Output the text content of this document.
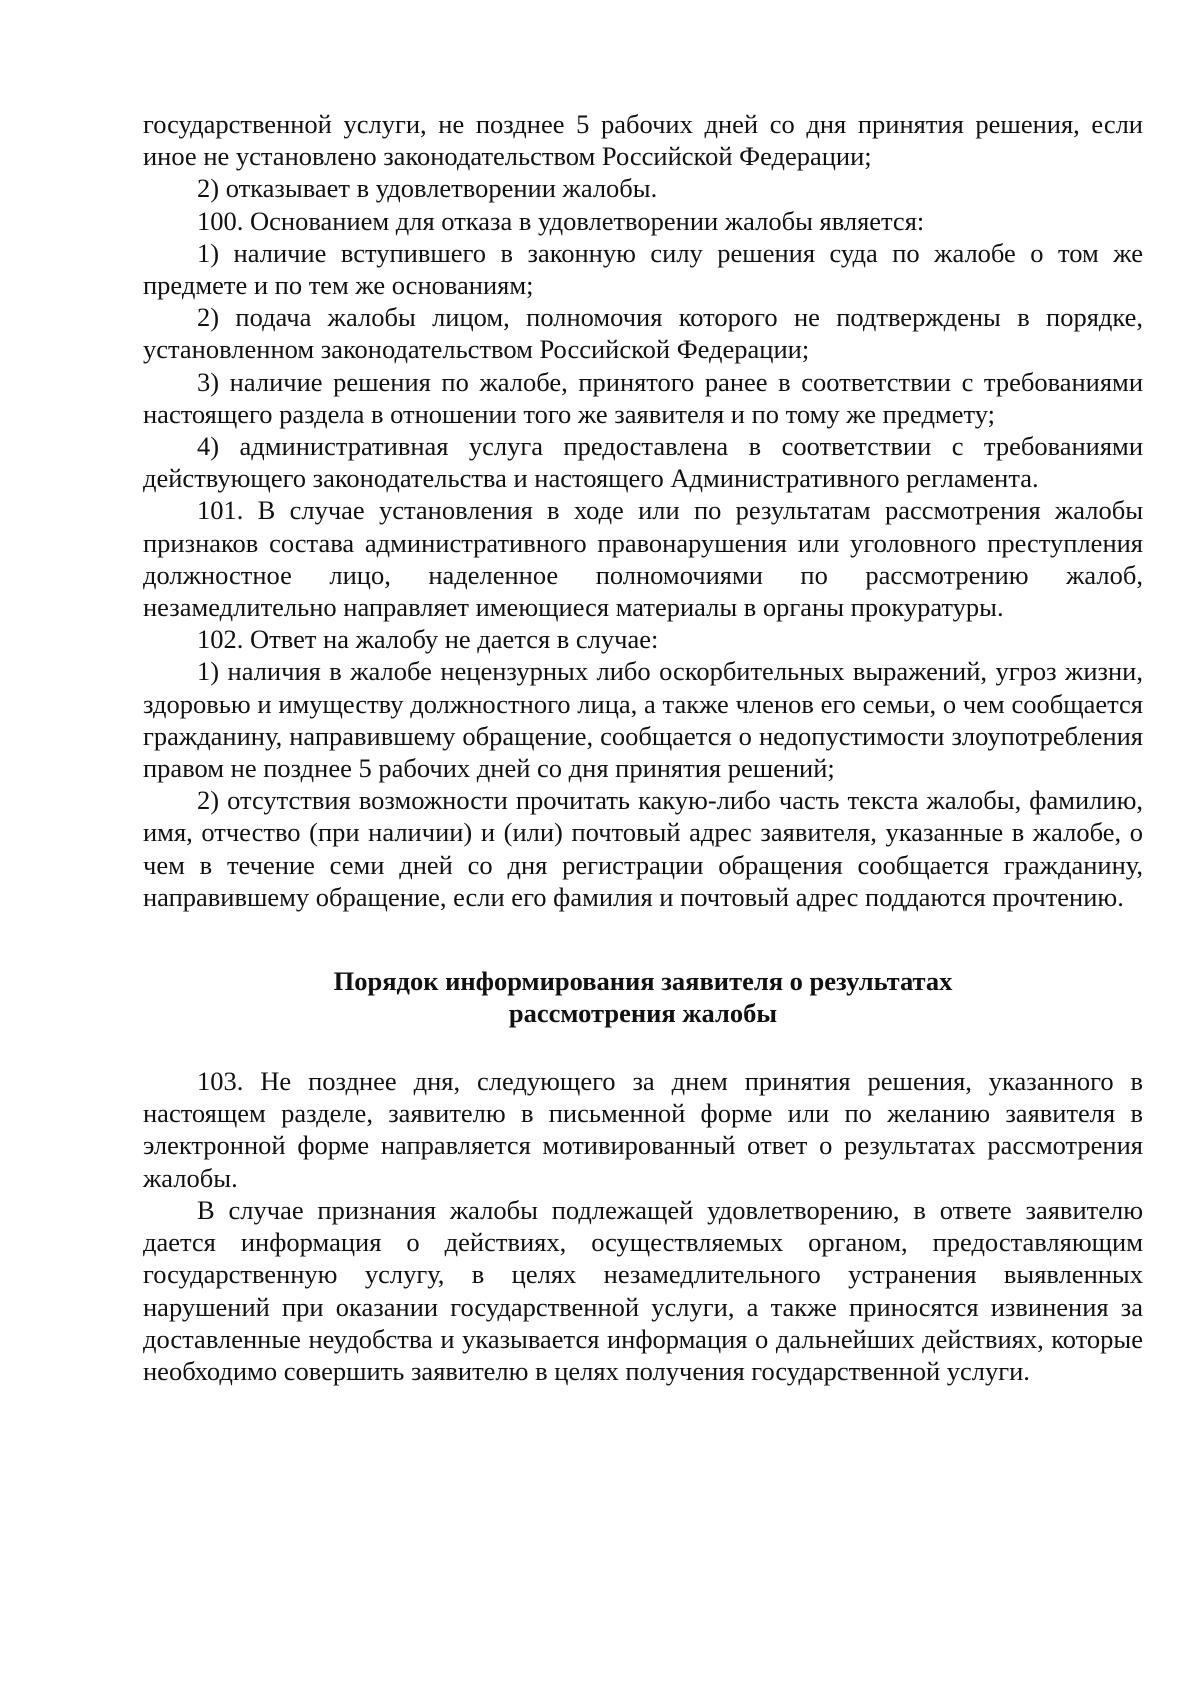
государственной услуги, не позднее 5 рабочих дней со дня принятия решения, если иное не установлено законодательством Российской Федерации;

2) отказывает в удовлетворении жалобы.

100. Основанием для отказа в удовлетворении жалобы является:

1) наличие вступившего в законную силу решения суда по жалобе о том же предмете и по тем же основаниям;

2) подача жалобы лицом, полномочия которого не подтверждены в порядке, установленном законодательством Российской Федерации;

3) наличие решения по жалобе, принятого ранее в соответствии с требованиями настоящего раздела в отношении того же заявителя и по тому же предмету;

4) административная услуга предоставлена в соответствии с требованиями действующего законодательства и настоящего Административного регламента.

101. В случае установления в ходе или по результатам рассмотрения жалобы признаков состава административного правонарушения или уголовного преступления должностное лицо, наделенное полномочиями по рассмотрению жалоб, незамедлительно направляет имеющиеся материалы в органы прокуратуры.

102. Ответ на жалобу не дается в случае:

1) наличия в жалобе нецензурных либо оскорбительных выражений, угроз жизни, здоровью и имуществу должностного лица, а также членов его семьи, о чем сообщается гражданину, направившему обращение, сообщается о недопустимости злоупотребления правом не позднее 5 рабочих дней со дня принятия решений;

2) отсутствия возможности прочитать какую-либо часть текста жалобы, фамилию, имя, отчество (при наличии) и (или) почтовый адрес заявителя, указанные в жалобе, о чем в течение семи дней со дня регистрации обращения сообщается гражданину, направившему обращение, если его фамилия и почтовый адрес поддаются прочтению.

Порядок информирования заявителя о результатах
рассмотрения жалобы

103. Не позднее дня, следующего за днем принятия решения, указанного в настоящем разделе, заявителю в письменной форме или по желанию заявителя в электронной форме направляется мотивированный ответ о результатах рассмотрения жалобы.

В случае признания жалобы подлежащей удовлетворению, в ответе заявителю дается информация о действиях, осуществляемых органом, предоставляющим государственную услугу, в целях незамедлительного устранения выявленных нарушений при оказании государственной услуги, а также приносятся извинения за доставленные неудобства и указывается информация о дальнейших действиях, которые необходимо совершить заявителю в целях получения государственной услуги.
